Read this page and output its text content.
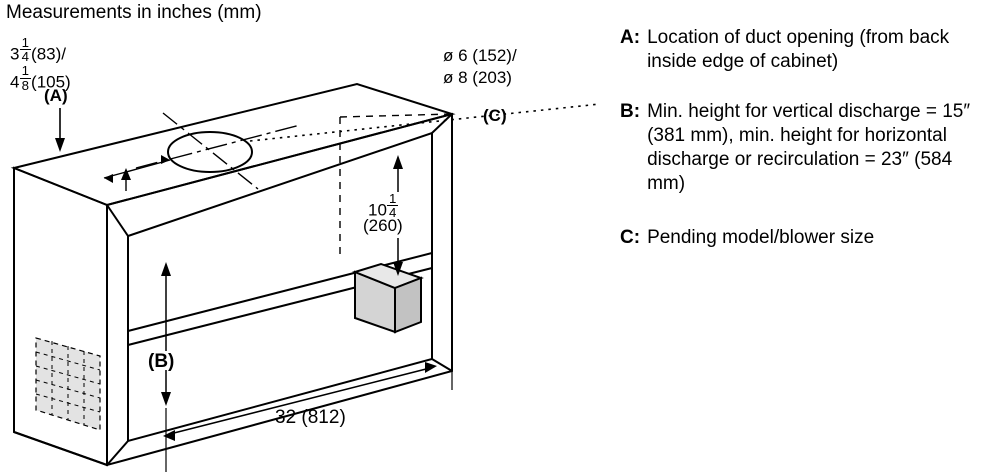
Measurements in inches (mm)
$3 \frac{1}{4} (83)/$
$4 \frac{1}{8} (105)$
(A)
ø 6 (152)/
ø 8 (203)
(C)
$10 \frac{1}{4}$
(260)
(B)
32 (812)
A: Location of duct opening (from back inside edge of cabinet)
B: Min. height for vertical discharge = 15″ (381 mm), min. height for horizontal discharge or recirculation = 23″ (584 mm)
C: Pending model/blower size
